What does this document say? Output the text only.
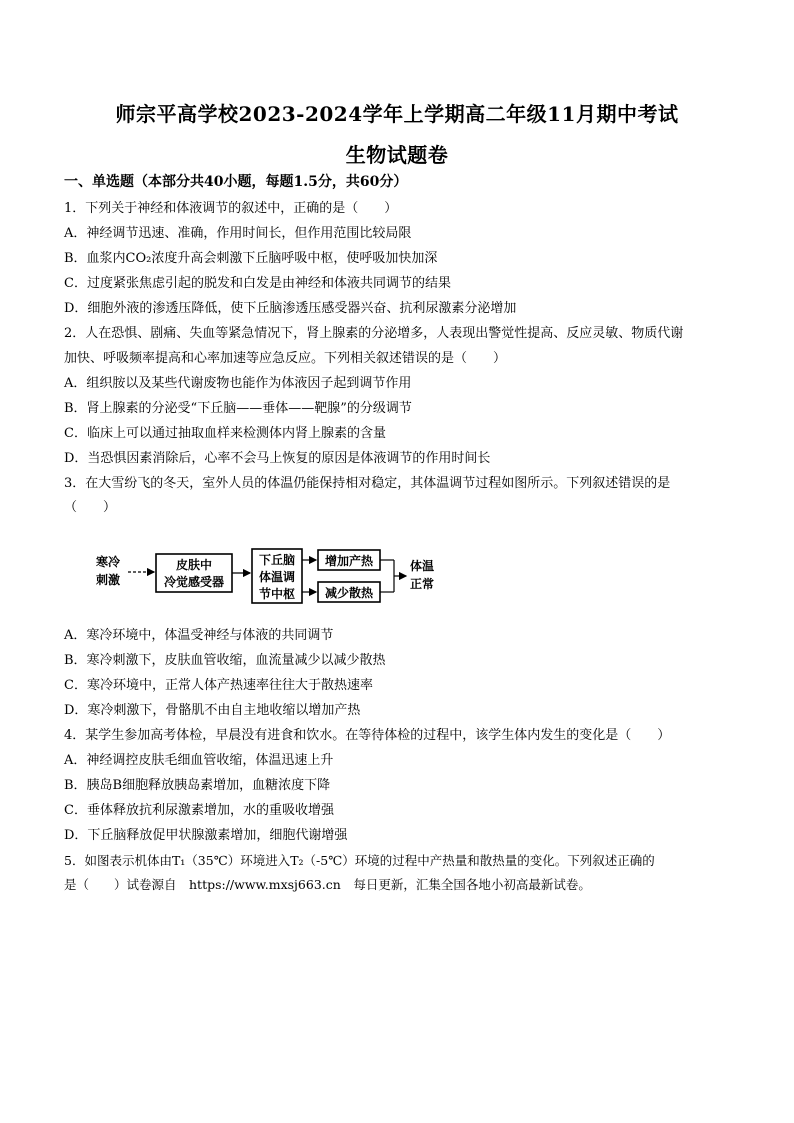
师宗平高学校2023-2024学年上学期高二年级11月期中考试
生物试题卷
一、单选题（本部分共40小题，每题1.5分，共60分）
1．下列关于神经和体液调节的叙述中，正确的是（　　）
A．神经调节迅速、准确，作用时间长，但作用范围比较局限
B．血浆内CO₂浓度升高会刺激下丘脑呼吸中枢，使呼吸加快加深
C．过度紧张焦虑引起的脱发和白发是由神经和体液共同调节的结果
D．细胞外液的渗透压降低，使下丘脑渗透压感受器兴奋、抗利尿激素分泌增加
2．人在恐惧、剧痛、失血等紧急情况下，肾上腺素的分泌增多，人表现出警觉性提高、反应灵敏、物质代谢
加快、呼吸频率提高和心率加速等应急反应。下列相关叙述错误的是（　　）
A．组织胺以及某些代谢废物也能作为体液因子起到调节作用
B．肾上腺素的分泌受“下丘脑——垂体——靶腺”的分级调节
C．临床上可以通过抽取血样来检测体内肾上腺素的含量
D．当恐惧因素消除后，心率不会马上恢复的原因是体液调节的作用时间长
3．在大雪纷飞的冬天，室外人员的体温仍能保持相对稳定，其体温调节过程如图所示。下列叙述错误的是
（　　）
寒冷
刺激
皮肤中
冷觉感受器
下丘脑
体温调
节中枢
增加产热
减少散热
体温
正常
A．寒冷环境中，体温受神经与体液的共同调节
B．寒冷刺激下，皮肤血管收缩，血流量减少以减少散热
C．寒冷环境中，正常人体产热速率往往大于散热速率
D．寒冷刺激下，骨骼肌不由自主地收缩以增加产热
4．某学生参加高考体检，早晨没有进食和饮水。在等待体检的过程中，该学生体内发生的变化是（　　）
A．神经调控皮肤毛细血管收缩，体温迅速上升
B．胰岛B细胞释放胰岛素增加，血糖浓度下降
C．垂体释放抗利尿激素增加，水的重吸收增强
D．下丘脑释放促甲状腺激素增加，细胞代谢增强
5．如图表示机体由T₁（35℃）环境进入T₂（-5℃）环境的过程中产热量和散热量的变化。下列叙述正确的
是（　　）试卷源自　https://www.mxsj663.cn　每日更新，汇集全国各地小初高最新试卷。
